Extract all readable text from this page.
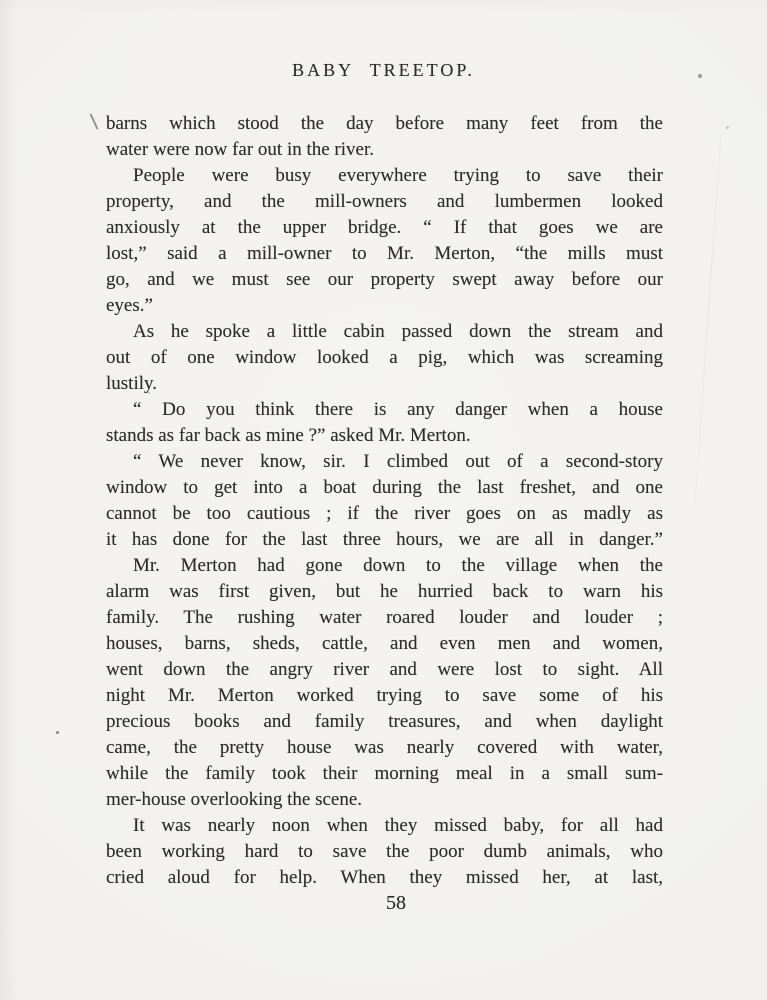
BABY TREETOP.
barns which stood the day before many feet from the
water were now far out in the river.
People were busy everywhere trying to save their
property, and the mill-owners and lumbermen looked
anxiously at the upper bridge. “ If that goes we are
lost,” said a mill-owner to Mr. Merton, “the mills must
go, and we must see our property swept away before our
eyes.”
As he spoke a little cabin passed down the stream and
out of one window looked a pig, which was screaming
lustily.
“ Do you think there is any danger when a house
stands as far back as mine ?” asked Mr. Merton.
“ We never know, sir. I climbed out of a second-story
window to get into a boat during the last freshet, and one
cannot be too cautious ; if the river goes on as madly as
it has done for the last three hours, we are all in danger.”
Mr. Merton had gone down to the village when the
alarm was first given, but he hurried back to warn his
family. The rushing water roared louder and louder ;
houses, barns, sheds, cattle, and even men and women,
went down the angry river and were lost to sight. All
night Mr. Merton worked trying to save some of his
precious books and family treasures, and when daylight
came, the pretty house was nearly covered with water,
while the family took their morning meal in a small sum-
mer-house overlooking the scene.
It was nearly noon when they missed baby, for all had
been working hard to save the poor dumb animals, who
cried aloud for help. When they missed her, at last,
58
